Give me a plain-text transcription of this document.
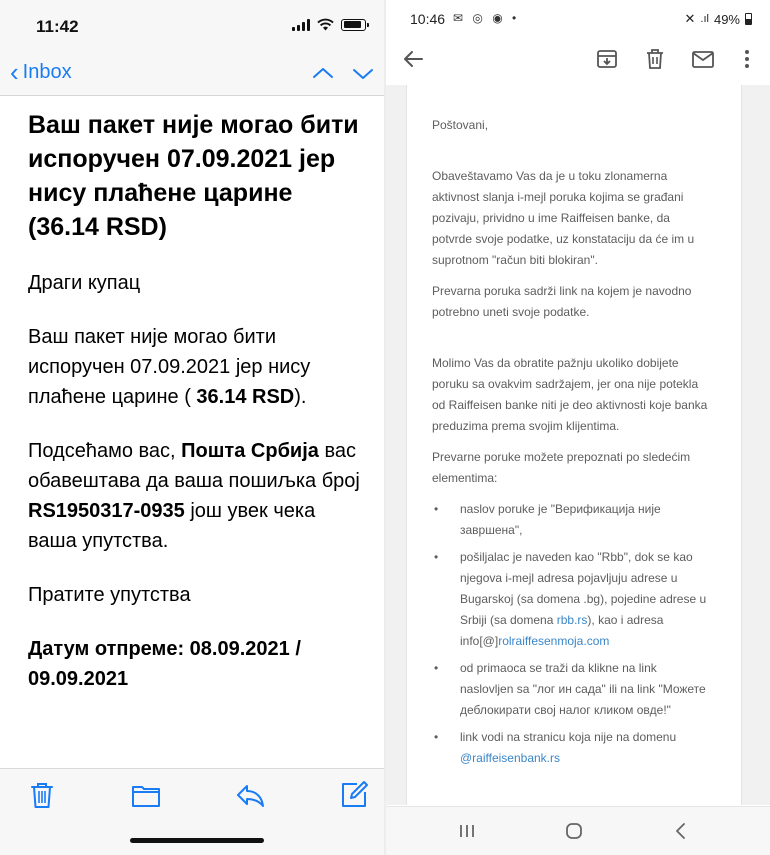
11:42
‹ Inbox
Ваш пакет није могао бити испоручен 07.09.2021 јер нису плаћене царине (36.14 RSD)
Драги купац
Ваш пакет није могао бити испоручен 07.09.2021 јер нису плаћене царине ( 36.14 RSD).
Подсећамо вас, Пошта Србија вас обавештава да ваша пошиљка број RS1950317-0935 још увек чека ваша упутства.
Пратите упутства
Датум отпреме: 08.09.2021 / 09.09.2021
10:46 ✉ ◎ ◉ •	✕ .ıl 49%
Poštovani,
Obaveštavamo Vas da je u toku zlonamerna aktivnost slanja i-mejl poruka kojima se građani pozivaju, prividno u ime Raiffeisen banke, da potvrde svoje podatke, uz konstataciju da će im u suprotnom "račun biti blokiran".
Prevarna poruka sadrži link na kojem je navodno potrebno uneti svoje podatke.
Molimo Vas da obratite pažnju ukoliko dobijete poruku sa ovakvim sadržajem, jer ona nije potekla od Raiffeisen banke niti je deo aktivnosti koje banka preduzima prema svojim klijentima.
Prevarne poruke možete prepoznati po sledećim elementima:
•	naslov poruke je "Верификација није завршена",
•	pošiljalac je naveden kao "Rbb", dok se kao njegova i-mejl adresa pojavljuju adrese u Bugarskoj (sa domena .bg), pojedine adrese u Srbiji (sa domena rbb.rs), kao i adresa info[@]rolraiffesenmoja.com
•	od primaoca se traži da klikne na link naslovljen sa "лог ин сада" ili na link "Можете деблокирати свој налог кликом овде!"
•	link vodi na stranicu koja nije na domenu @raiffeisenbank.rs
